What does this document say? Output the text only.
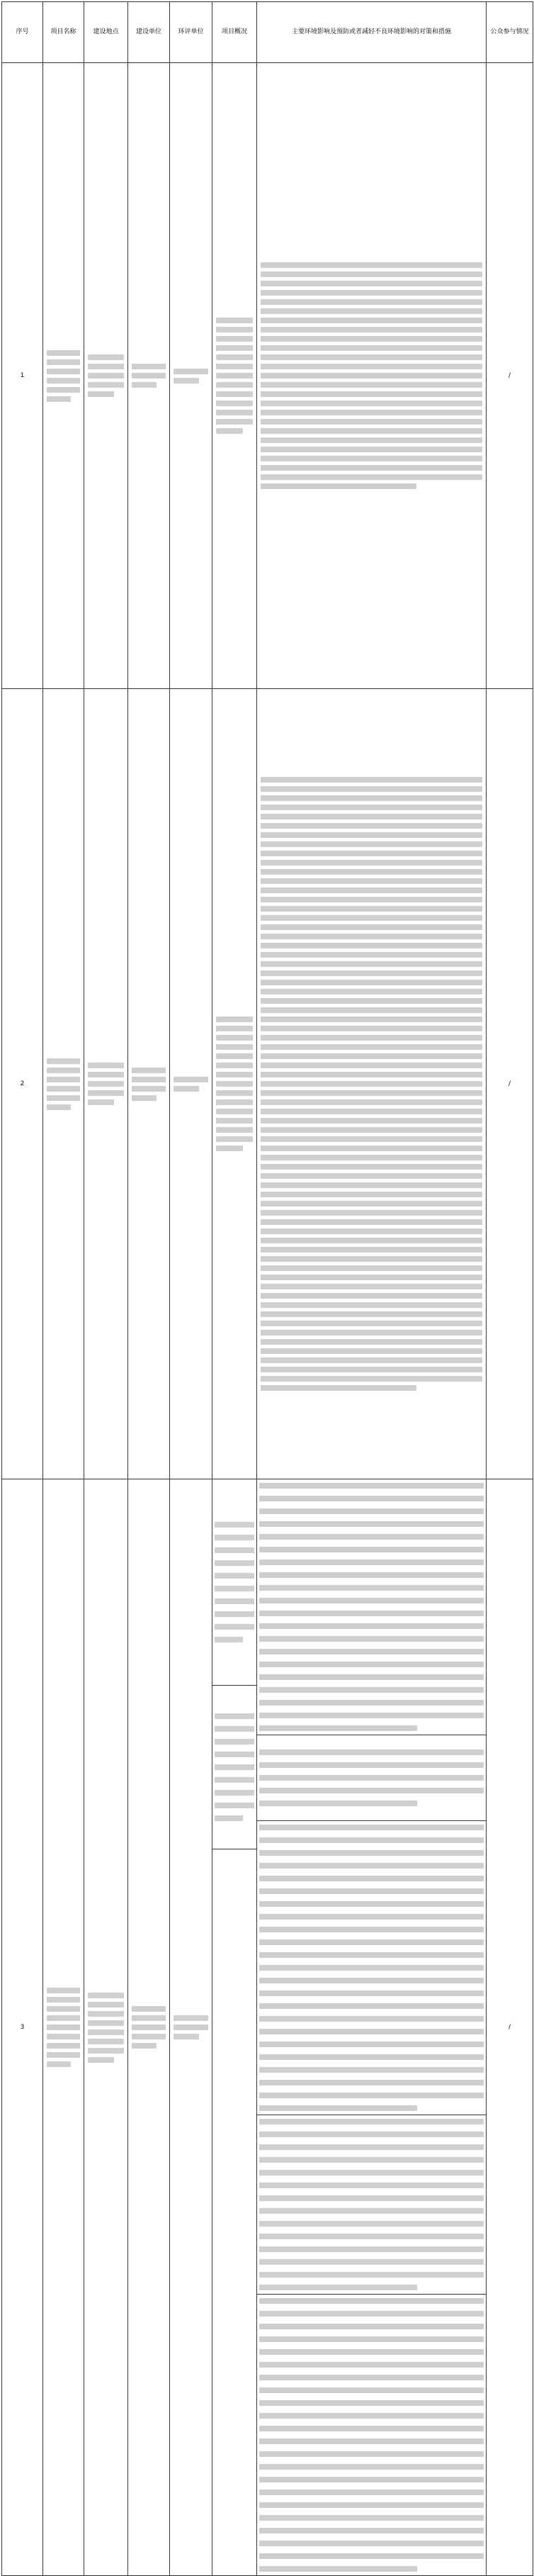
序号	项目名称	建设地点	建设单位	环评单位	项目概况	主要环境影响及预防或者减轻不良环境影响的对策和措施	公众参与情况
1							/
2							/
3							/
